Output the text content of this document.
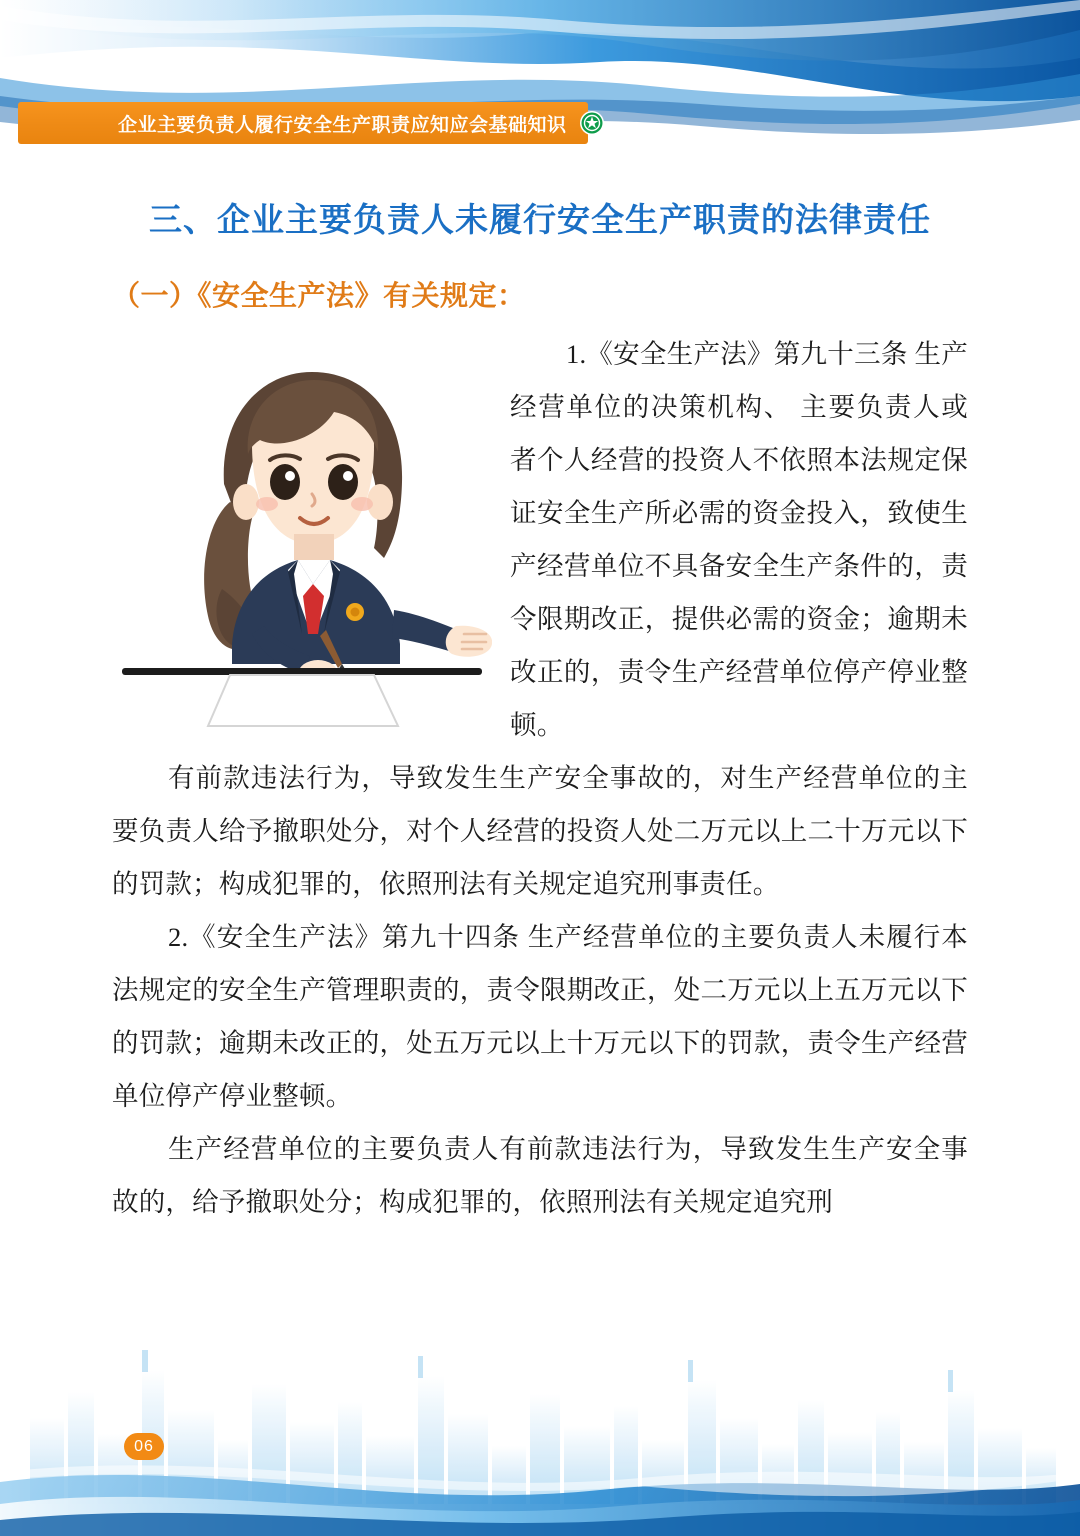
企业主要负责人履行安全生产职责应知应会基础知识
三、企业主要负责人未履行安全生产职责的法律责任
（一）《安全生产法》有关规定：

1.《安全生产法》第九十三条 生产经营单位的决策机构、 主要负责人或者个人经营的投资人不依照本法规定保证安全生产所必需的资金投入，致使生产经营单位不具备安全生产条件的，责令限期改正，提供必需的资金；逾期未改正的，责令生产经营单位停产停业整顿。

有前款违法行为，导致发生生产安全事故的，对生产经营单位的主要负责人给予撤职处分，对个人经营的投资人处二万元以上二十万元以下的罚款；构成犯罪的，依照刑法有关规定追究刑事责任。

2.《安全生产法》第九十四条 生产经营单位的主要负责人未履行本法规定的安全生产管理职责的，责令限期改正，处二万元以上五万元以下的罚款；逾期未改正的，处五万元以上十万元以下的罚款，责令生产经营单位停产停业整顿。

生产经营单位的主要负责人有前款违法行为，导致发生生产安全事故的，给予撤职处分；构成犯罪的，依照刑法有关规定追究刑

06
